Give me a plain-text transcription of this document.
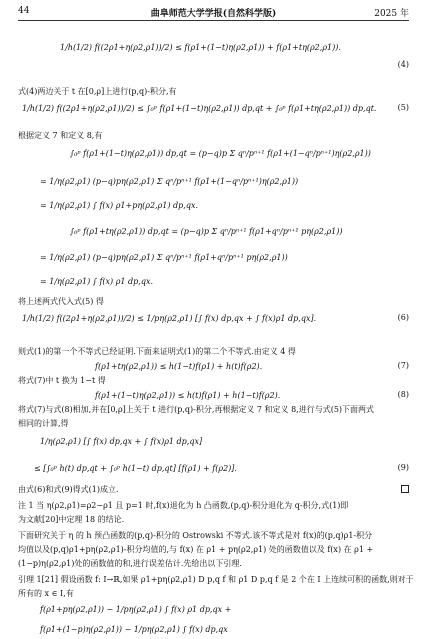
44	曲阜师范大学学报(自然科学版)	2025 年
1/h(1/2) f((2ρ1+η(ρ2,ρ1))/2) ≤ f(ρ1+(1−t)η(ρ2,ρ1)) + f(ρ1+tη(ρ2,ρ1)).
式(4)两边关于 t 在[0,ρ]上进行(p,q)-积分,有
1/h(1/2) f((2ρ1+η(ρ2,ρ1))/2) ≤ ∫₀ᵖ f(ρ1+(1−t)η(ρ2,ρ1)) dp,qt + ∫₀ᵖ f(ρ1+tη(ρ2,ρ1)) dp,qt.
根据定义 7 和定义 8,有
∫₀ᵖ f(ρ1+(1−t)η(ρ2,ρ1)) dp,qt = (p−q)p Σ qⁿ/pⁿ⁺¹ f(ρ1+(1−qⁿ/pⁿ⁺¹)η(ρ2,ρ1))
= 1/η(ρ2,ρ1) (p−q)pη(ρ2,ρ1) Σ qⁿ/pⁿ⁺¹ f(ρ1+(1−qⁿ/pⁿ⁺¹)η(ρ2,ρ1))
= 1/η(ρ2,ρ1) ∫ f(x) ρ1+pη(ρ2,ρ1) dp,qx.
∫₀ᵖ f(ρ1+tη(ρ2,ρ1)) dp,qt = (p−q)p Σ qⁿ/pⁿ⁺¹ f(ρ1+qⁿ/pⁿ⁺¹ pη(ρ2,ρ1))
= 1/η(ρ2,ρ1) (p−q)pη(ρ2,ρ1) Σ qⁿ/pⁿ⁺¹ f(ρ1+qⁿ/pⁿ⁺¹ pη(ρ2,ρ1))
= 1/η(ρ2,ρ1) ∫ f(x) ρ1 dp,qx.
将上述两式代入式(5) 得
1/h(1/2) f((2ρ1+η(ρ2,ρ1))/2) ≤ 1/pη(ρ2,ρ1) [∫ f(x) dp,qx + ∫ f(x)ρ1 dp,qx].
则式(1)的第一个不等式已经证明.下面来证明式(1)的第二个不等式.由定义 4 得
f(ρ1+tη(ρ2,ρ1)) ≤ h(1−t)f(ρ1) + h(t)f(ρ2).
将式(7)中 t 换为 1−t 得
f(ρ1+(1−t)η(ρ2,ρ1)) ≤ h(t)f(ρ1) + h(1−t)f(ρ2).
将式(7)与式(8)相加,并在[0,ρ]上关于 t 进行(p,q)-积分,再根据定义 7 和定义 8,进行与式(5)下面两式
相同的计算,得
1/η(ρ2,ρ1) [∫ f(x) dp,qx + ∫ f(x)ρ1 dp,qx]
≤ [∫₀ᵖ h(t) dp,qt + ∫₀ᵖ h(1−t) dp,qt] [f(ρ1) + f(ρ2)].
由式(6)和式(9)得式(1)成立.
注 1 当 η(ρ2,ρ1)=ρ2−ρ1 且 p=1 时,f(x)退化为 h 凸函数,(p,q)-积分退化为 q-积分,式(1)即
为文献[20]中定理 18 的结论.
下面研究关于 η 的 h 预凸函数的(p,q)-积分的 Ostrowski 不等式.该不等式是对 f(x)的(p,q)ρ1-积分
均值以及(p,q)ρ1+pη(ρ2,ρ1)-积分均值的,与 f(x) 在 ρ1 + pη(ρ2,ρ1) 处的函数值以及 f(x) 在 ρ1 +
(1−p)η(ρ2,ρ1)处的函数值的和,进行误差估计.先给出以下引理.
引理 1[21] 假设函数 f: I→ℝ,如果 ρ1+pη(ρ2,ρ1) D p,q f 和 ρ1 D p,q f 是 2 个在 I 上连续可积的函数,则对于
所有的 x ∈ I,有
f(ρ1+pη(ρ2,ρ1)) − 1/pη(ρ2,ρ1) ∫ f(x) ρ1 dp,qx +
f(ρ1+(1−p)η(ρ2,ρ1)) − 1/pη(ρ2,ρ1) ∫ f(x) dp,qx
(4)
(5)
(6)
(7)
(8)
(9)
